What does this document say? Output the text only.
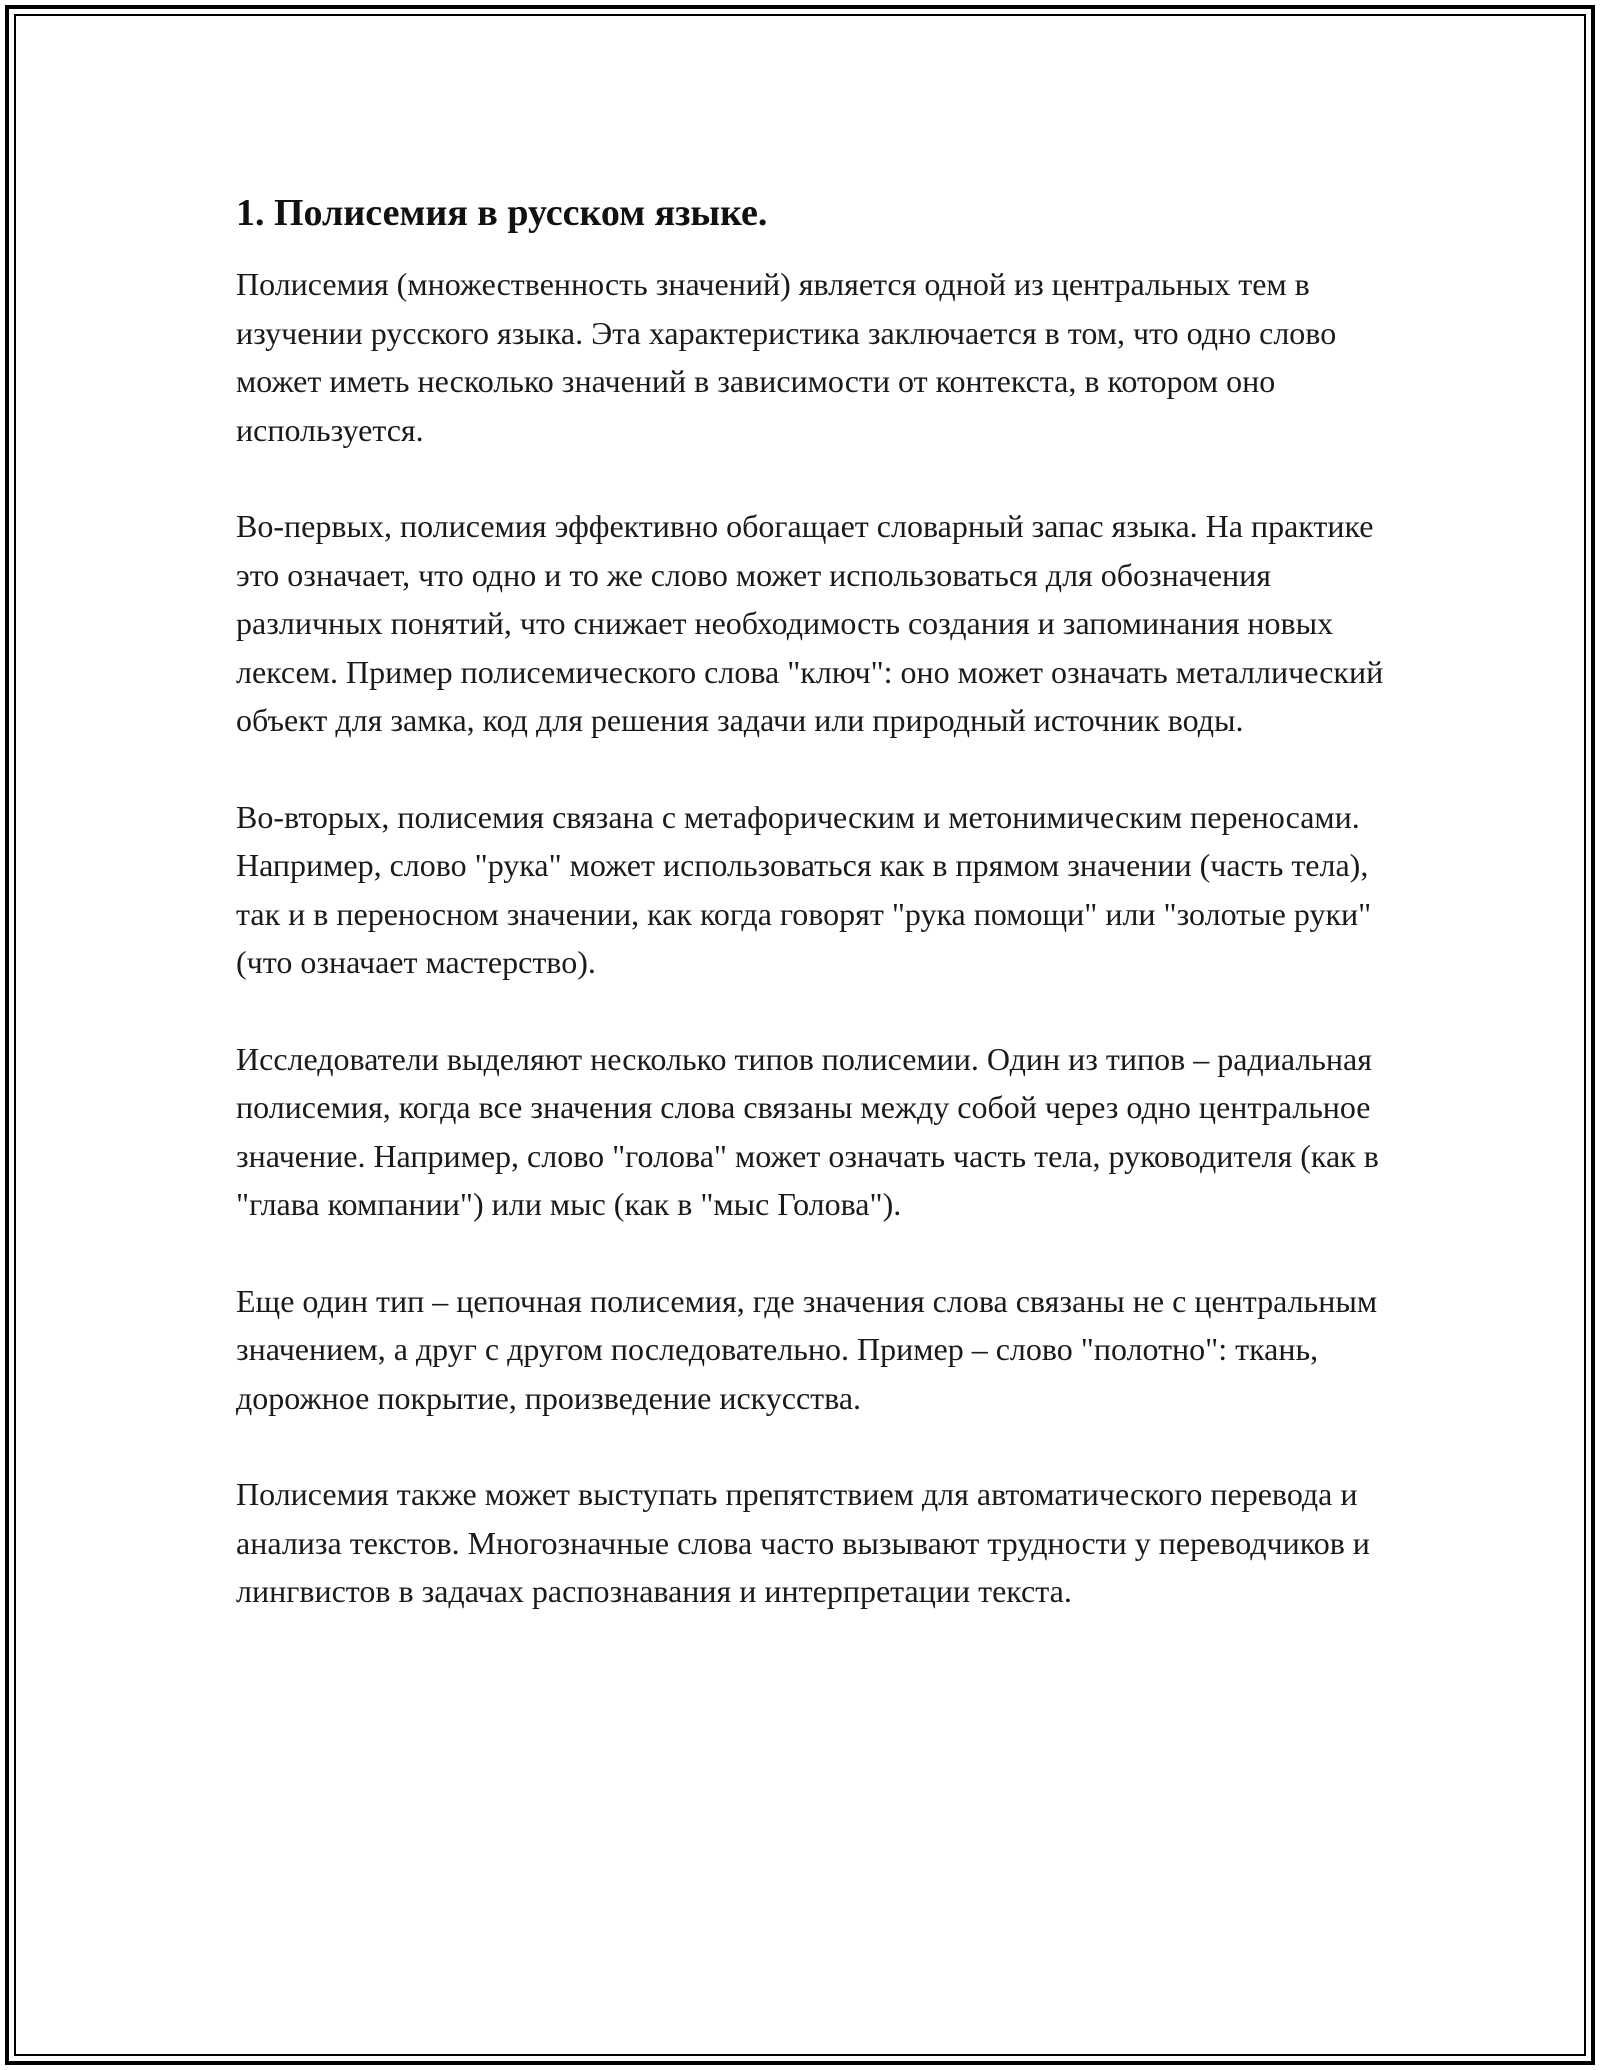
1. Полисемия в русском языке.

Полисемия (множественность значений) является одной из центральных тем в изучении русского языка. Эта характеристика заключается в том, что одно слово может иметь несколько значений в зависимости от контекста, в котором оно используется.

Во-первых, полисемия эффективно обогащает словарный запас языка. На практике это означает, что одно и то же слово может использоваться для обозначения различных понятий, что снижает необходимость создания и запоминания новых лексем. Пример полисемического слова "ключ": оно может означать металлический объект для замка, код для решения задачи или природный источник воды.

Во-вторых, полисемия связана с метафорическим и метонимическим переносами. Например, слово "рука" может использоваться как в прямом значении (часть тела), так и в переносном значении, как когда говорят "рука помощи" или "золотые руки" (что означает мастерство).

Исследователи выделяют несколько типов полисемии. Один из типов – радиальная полисемия, когда все значения слова связаны между собой через одно центральное значение. Например, слово "голова" может означать часть тела, руководителя (как в "глава компании") или мыс (как в "мыс Голова").

Еще один тип – цепочная полисемия, где значения слова связаны не с центральным значением, а друг с другом последовательно. Пример – слово "полотно": ткань, дорожное покрытие, произведение искусства.

Полисемия также может выступать препятствием для автоматического перевода и анализа текстов. Многозначные слова часто вызывают трудности у переводчиков и лингвистов в задачах распознавания и интерпретации текста.
